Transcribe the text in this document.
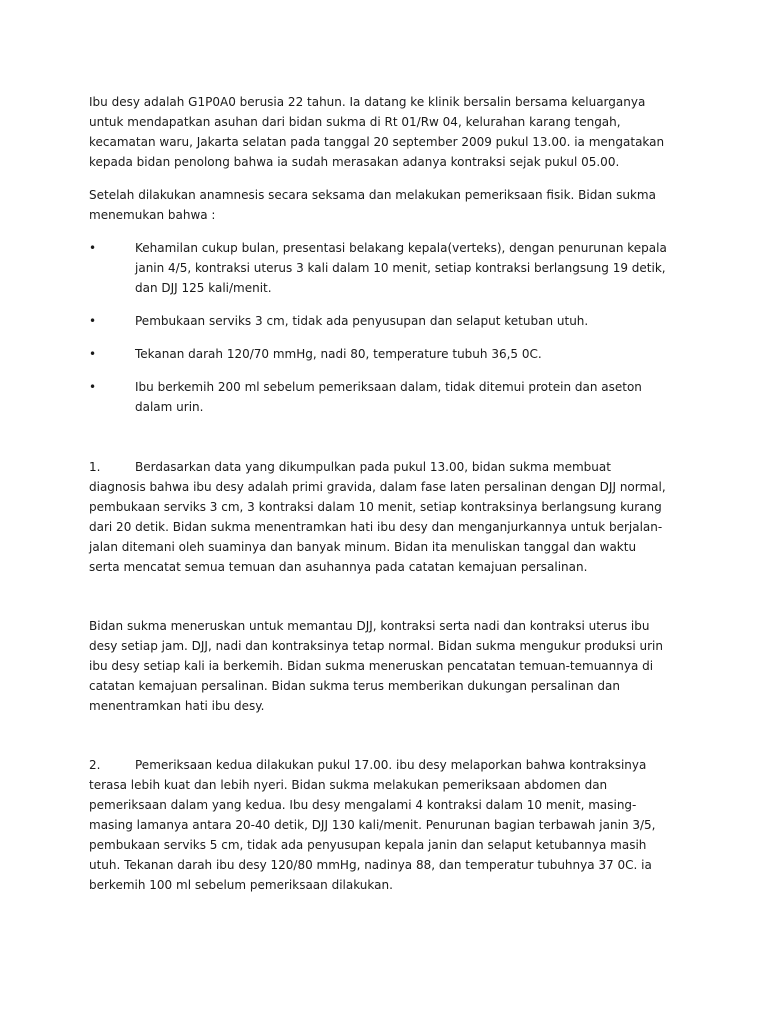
Ibu desy adalah G1P0A0 berusia 22 tahun. Ia datang ke klinik bersalin bersama keluarganya untuk mendapatkan asuhan dari bidan sukma di Rt 01/Rw 04, kelurahan karang tengah, kecamatan waru, Jakarta selatan pada tanggal 20 september 2009 pukul 13.00. ia mengatakan kepada bidan penolong bahwa ia sudah merasakan adanya kontraksi sejak pukul 05.00.

Setelah dilakukan anamnesis secara seksama dan melakukan pemeriksaan fisik. Bidan sukma menemukan bahwa :

•	Kehamilan cukup bulan, presentasi belakang kepala(verteks), dengan penurunan kepala janin 4/5, kontraksi uterus 3 kali dalam 10 menit, setiap kontraksi berlangsung 19 detik, dan DJJ 125 kali/menit.
•	Pembukaan serviks 3 cm, tidak ada penyusupan dan selaput ketuban utuh.
•	Tekanan darah 120/70 mmHg, nadi 80, temperature tubuh 36,5 0C.
•	Ibu berkemih 200 ml sebelum pemeriksaan dalam, tidak ditemui protein dan aseton dalam urin.

1.	Berdasarkan data yang dikumpulkan pada pukul 13.00, bidan sukma membuat diagnosis bahwa ibu desy adalah primi gravida, dalam fase laten persalinan dengan DJJ normal, pembukaan serviks 3 cm, 3 kontraksi dalam 10 menit, setiap kontraksinya berlangsung kurang dari 20 detik. Bidan sukma menentramkan hati ibu desy dan menganjurkannya untuk berjalan-jalan ditemani oleh suaminya dan banyak minum. Bidan ita menuliskan tanggal dan waktu serta mencatat semua temuan dan asuhannya pada catatan kemajuan persalinan.

Bidan sukma meneruskan untuk memantau DJJ, kontraksi serta nadi dan kontraksi uterus ibu desy setiap jam. DJJ, nadi dan kontraksinya tetap normal. Bidan sukma mengukur produksi urin ibu desy setiap kali ia berkemih. Bidan sukma meneruskan pencatatan temuan-temuannya di catatan kemajuan persalinan. Bidan sukma terus memberikan dukungan persalinan dan menentramkan hati ibu desy.

2.	Pemeriksaan kedua dilakukan pukul 17.00. ibu desy melaporkan bahwa kontraksinya terasa lebih kuat dan lebih nyeri. Bidan sukma melakukan pemeriksaan abdomen dan pemeriksaan dalam yang kedua. Ibu desy mengalami 4 kontraksi dalam 10 menit, masing-masing lamanya antara 20-40 detik, DJJ 130 kali/menit. Penurunan bagian terbawah janin 3/5, pembukaan serviks 5 cm, tidak ada penyusupan kepala janin dan selaput ketubannya masih utuh. Tekanan darah ibu desy 120/80 mmHg, nadinya 88, dan temperatur tubuhnya 37 0C. ia berkemih 100 ml sebelum pemeriksaan dilakukan.
